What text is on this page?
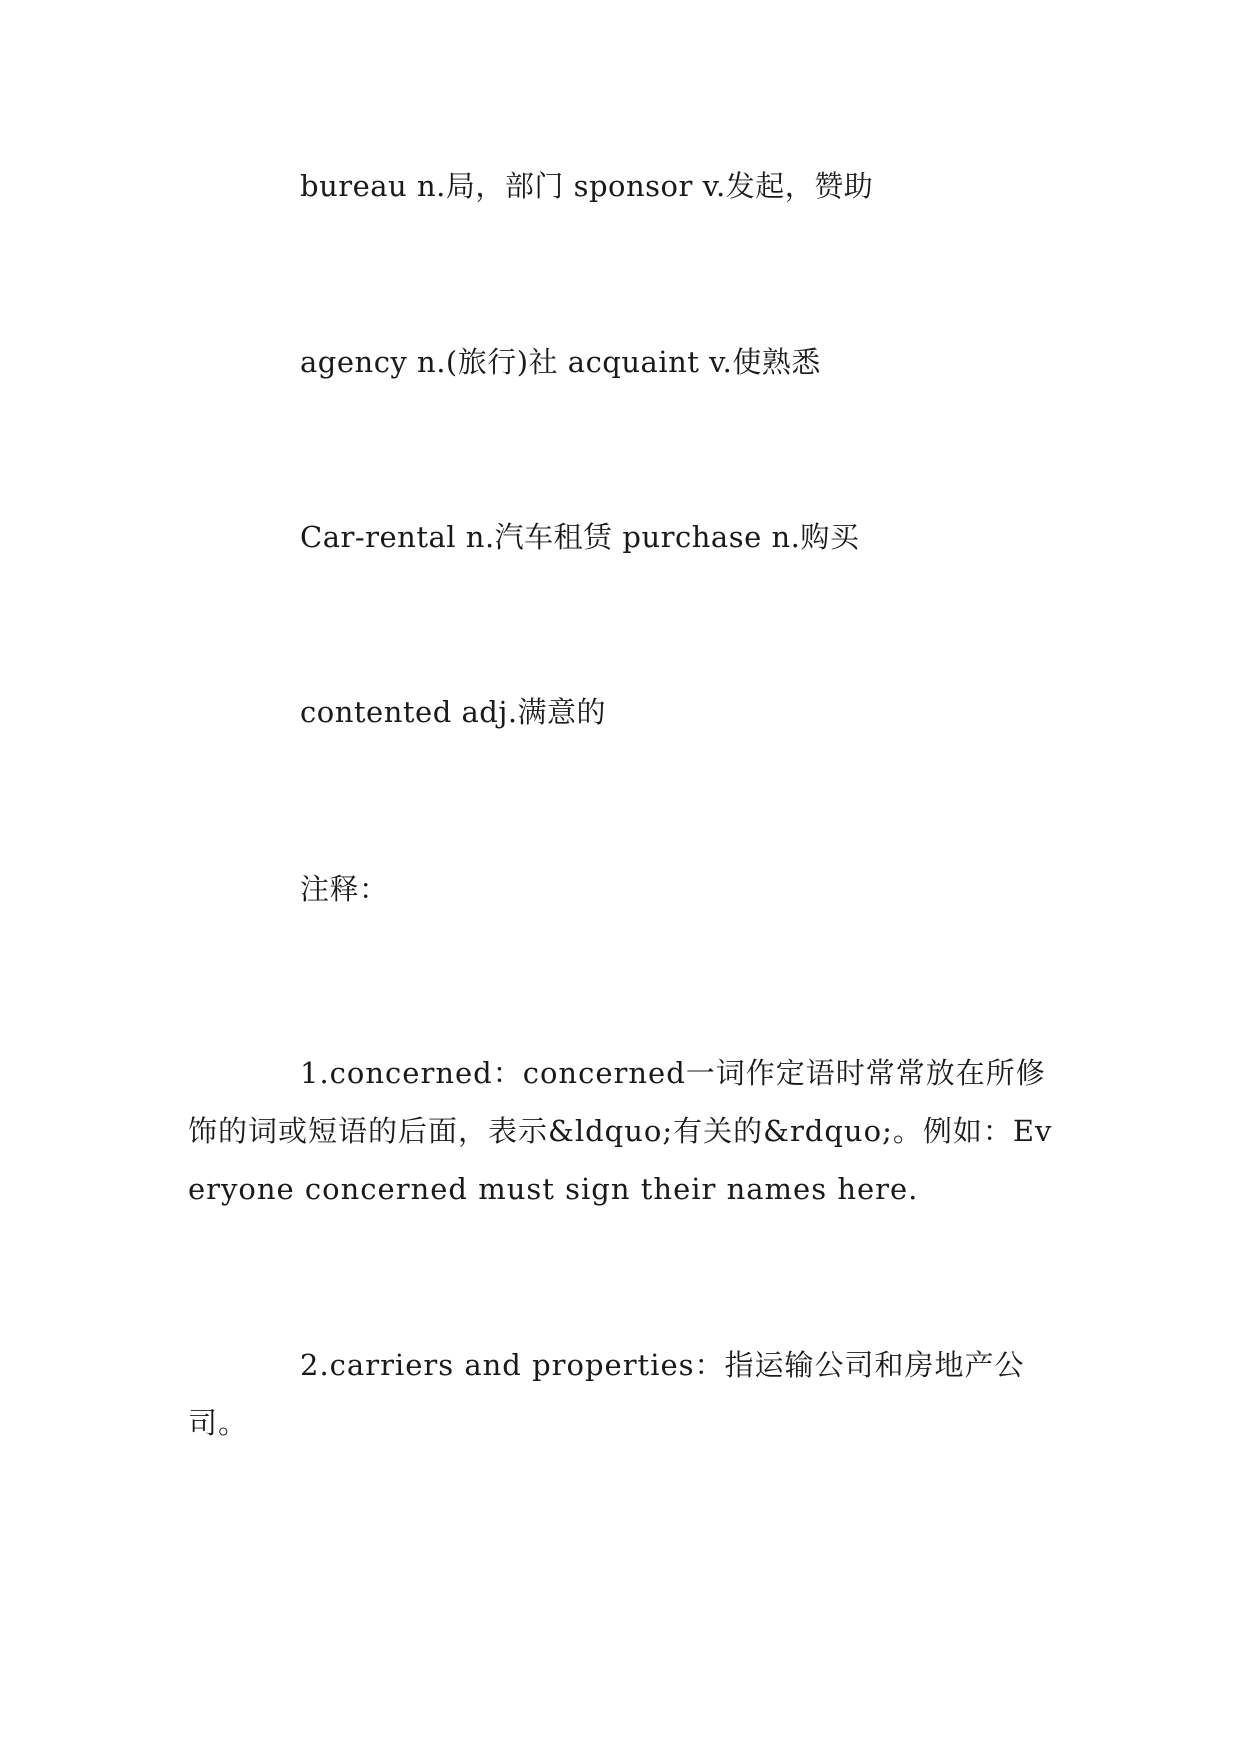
bureau n.局，部门 sponsor v.发起，赞助
agency n.(旅行)社 acquaint v.使熟悉
Car-rental n.汽车租赁 purchase n.购买
contented adj.满意的
注释：
1.concerned：concerned一词作定语时常常放在所修饰的词或短语的后面，表示&ldquo;有关的&rdquo;。例如：Everyone concerned must sign their names here.
2.carriers and properties：指运输公司和房地产公司。
